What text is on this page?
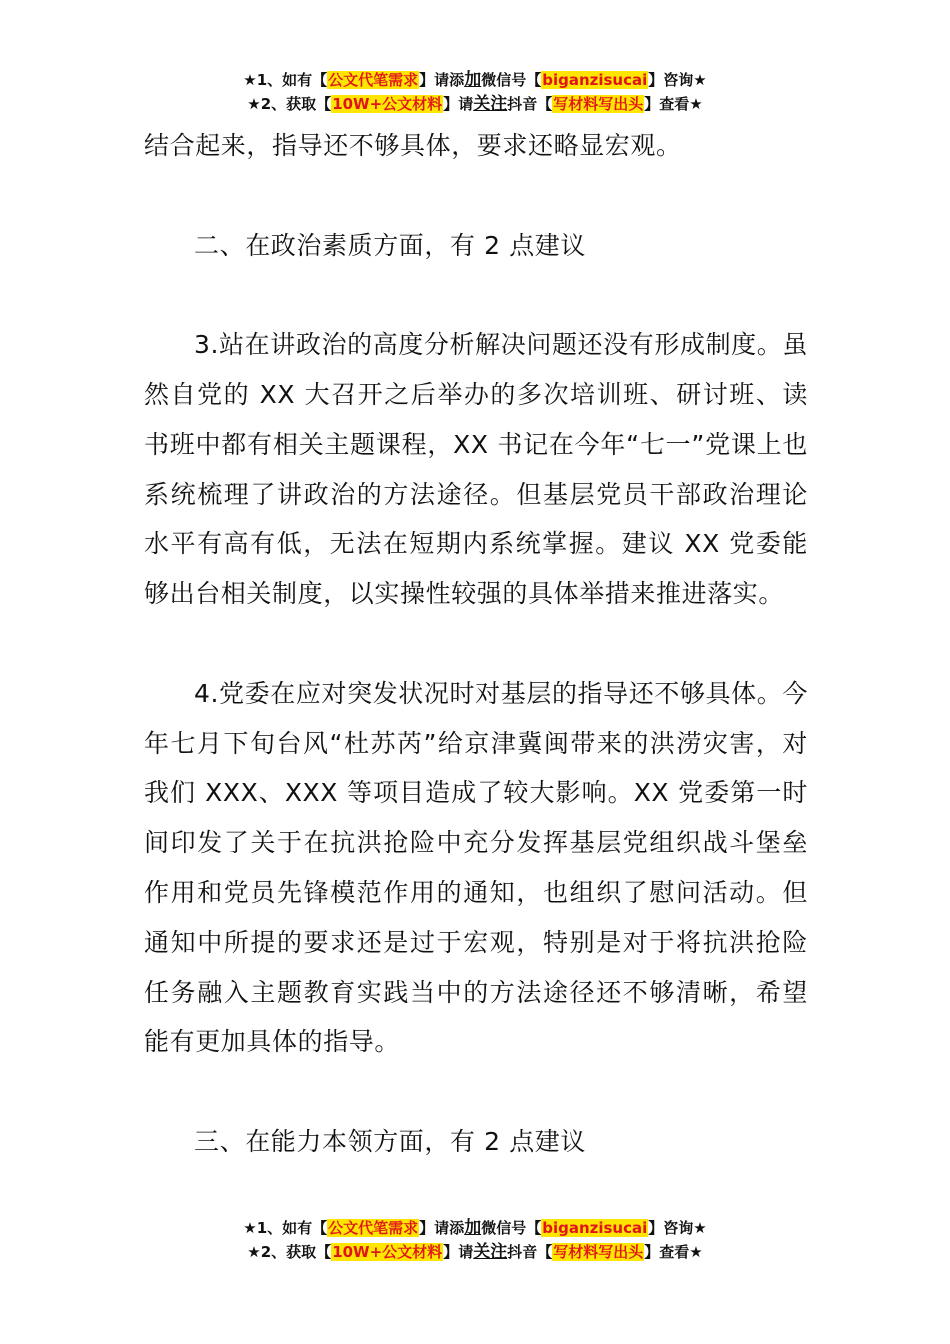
★1、如有【公文代笔需求】请添加微信号【biganzisucai】咨询★
★2、获取【10W+公文材料】请关注抖音【写材料写出头】查看★

结合起来，指导还不够具体，要求还略显宏观。

二、在政治素质方面，有 2 点建议

3.站在讲政治的高度分析解决问题还没有形成制度。虽然自党的 XX 大召开之后举办的多次培训班、研讨班、读书班中都有相关主题课程，XX 书记在今年“七一”党课上也系统梳理了讲政治的方法途径。但基层党员干部政治理论水平有高有低，无法在短期内系统掌握。建议 XX 党委能够出台相关制度，以实操性较强的具体举措来推进落实。

4.党委在应对突发状况时对基层的指导还不够具体。今年七月下旬台风“杜苏芮”给京津冀闽带来的洪涝灾害，对我们 XXX、XXX 等项目造成了较大影响。XX 党委第一时间印发了关于在抗洪抢险中充分发挥基层党组织战斗堡垒作用和党员先锋模范作用的通知，也组织了慰问活动。但通知中所提的要求还是过于宏观，特别是对于将抗洪抢险任务融入主题教育实践当中的方法途径还不够清晰，希望能有更加具体的指导。

三、在能力本领方面，有 2 点建议

★1、如有【公文代笔需求】请添加微信号【biganzisucai】咨询★
★2、获取【10W+公文材料】请关注抖音【写材料写出头】查看★
